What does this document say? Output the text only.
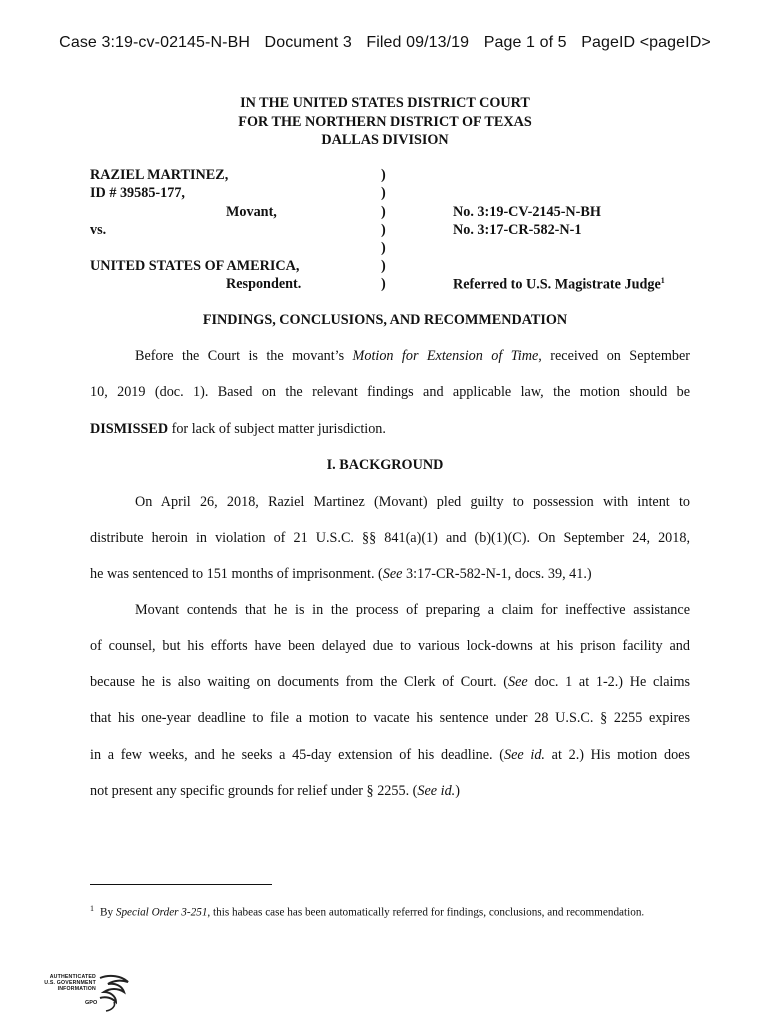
Case 3:19-cv-02145-N-BH Document 3 Filed 09/13/19 Page 1 of 5 PageID <pageID>
IN THE UNITED STATES DISTRICT COURT
FOR THE NORTHERN DISTRICT OF TEXAS
DALLAS DIVISION
RAZIEL MARTINEZ,
ID # 39585-177,
Movant,
vs.
UNITED STATES OF AMERICA,
Respondent.
)
)
)
)
)
)
)
No. 3:19-CV-2145-N-BH
No. 3:17-CR-582-N-1
Referred to U.S. Magistrate Judge$^1$
FINDINGS, CONCLUSIONS, AND RECOMMENDATION
Before the Court is the movant’s Motion for Extension of Time, received on September
10, 2019 (doc. 1). Based on the relevant findings and applicable law, the motion should be
DISMISSED for lack of subject matter jurisdiction.
I. BACKGROUND
On April 26, 2018, Raziel Martinez (Movant) pled guilty to possession with intent to
distribute heroin in violation of 21 U.S.C. §§ 841(a)(1) and (b)(1)(C). On September 24, 2018,
he was sentenced to 151 months of imprisonment. (See 3:17-CR-582-N-1, docs. 39, 41.)
Movant contends that he is in the process of preparing a claim for ineffective assistance
of counsel, but his efforts have been delayed due to various lock-downs at his prison facility and
because he is also waiting on documents from the Clerk of Court. (See doc. 1 at 1-2.) He claims
that his one-year deadline to file a motion to vacate his sentence under 28 U.S.C. § 2255 expires
in a few weeks, and he seeks a 45-day extension of his deadline. (See id. at 2.) His motion does
not present any specific grounds for relief under § 2255. (See id.)
$^1$ By Special Order 3-251, this habeas case has been automatically referred for findings, conclusions, and recommendation.
AUTHENTICATED
U.S. GOVERNMENT
INFORMATION
GPO
